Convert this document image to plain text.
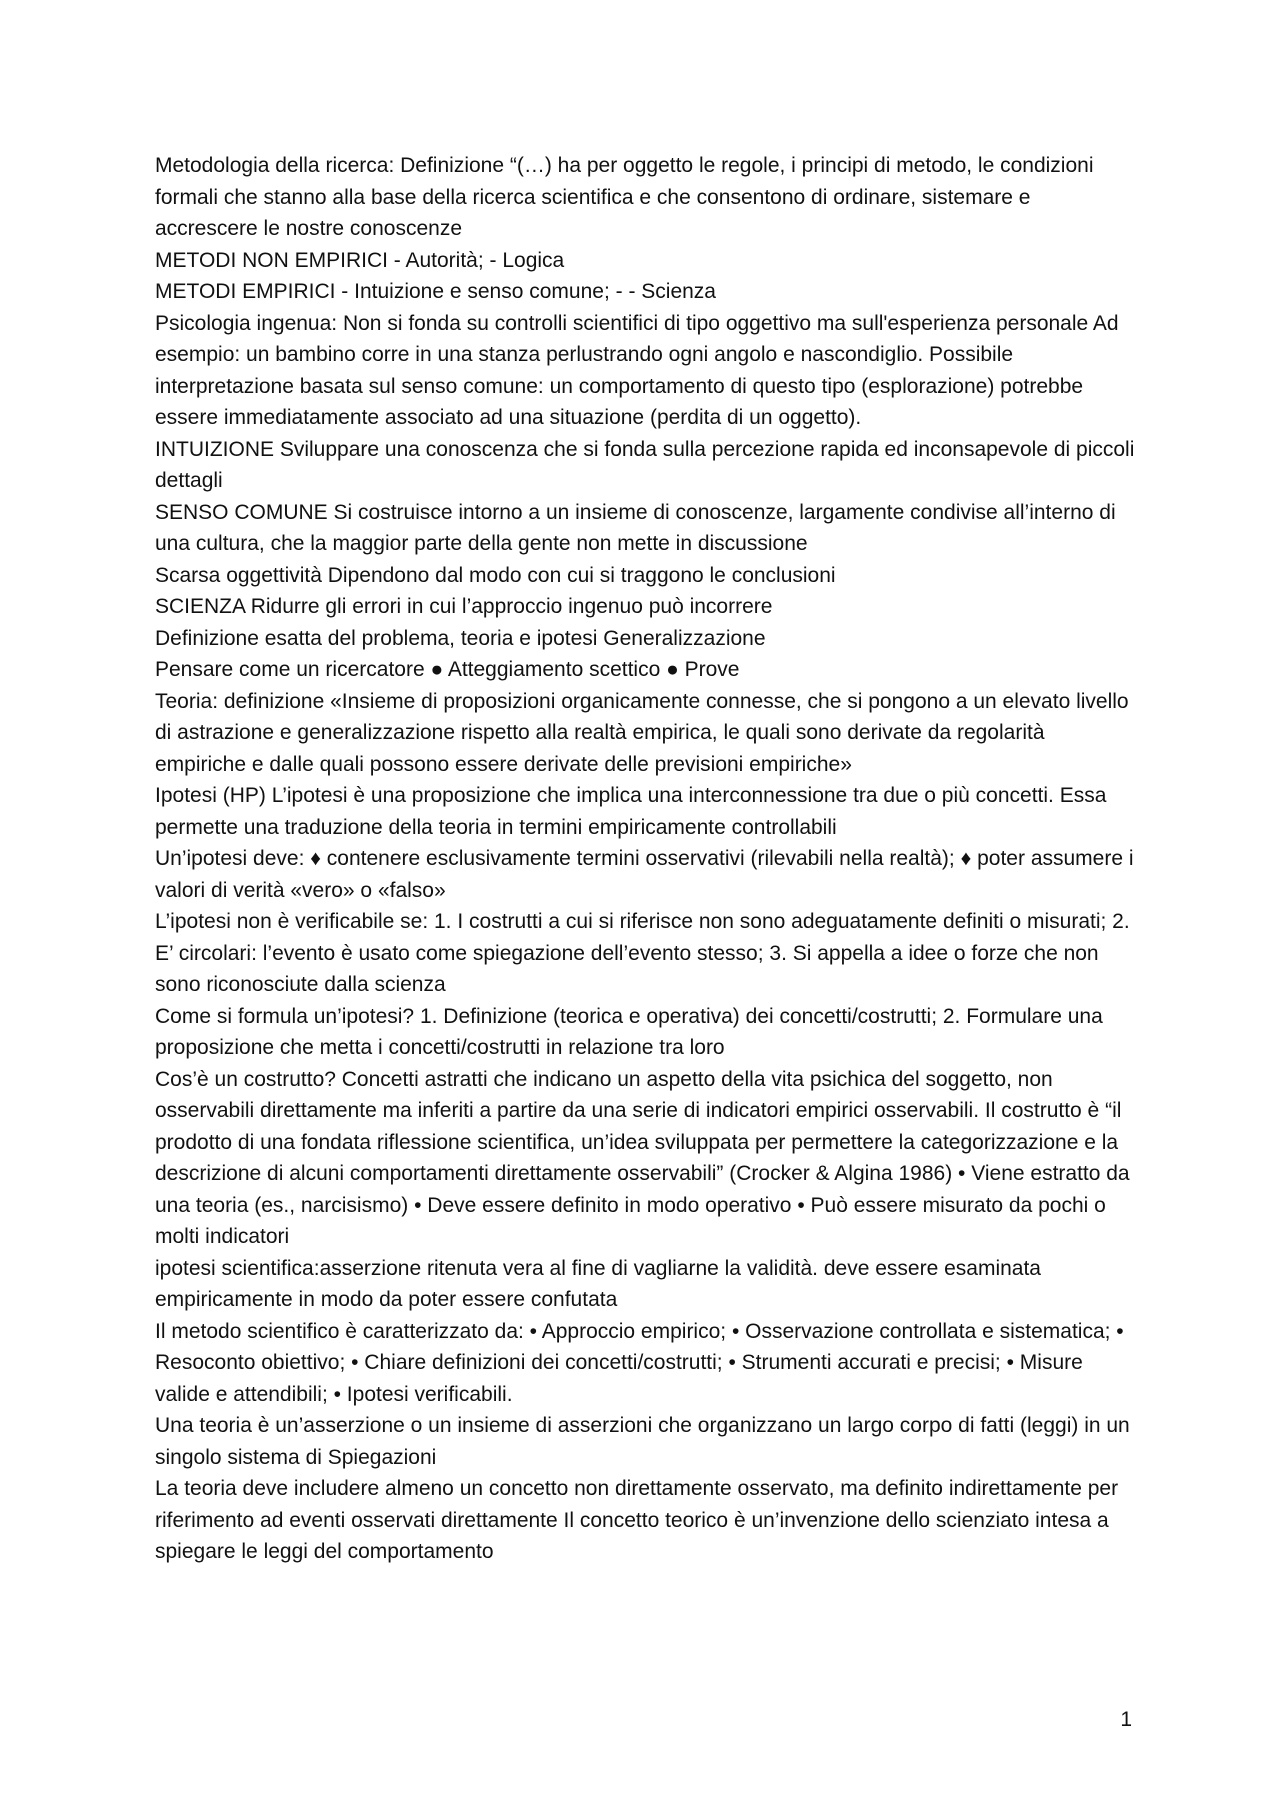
Metodologia della ricerca: Definizione “(…) ha per oggetto le regole, i principi di metodo, le condizioni formali che stanno alla base della ricerca scientifica e che consentono di ordinare, sistemare e accrescere le nostre conoscenze

METODI NON EMPIRICI - Autorità; - Logica

METODI EMPIRICI - Intuizione e senso comune; - - Scienza

Psicologia ingenua: Non si fonda su controlli scientifici di tipo oggettivo ma sull'esperienza personale Ad esempio: un bambino corre in una stanza perlustrando ogni angolo e nascondiglio. Possibile interpretazione basata sul senso comune: un comportamento di questo tipo (esplorazione) potrebbe essere immediatamente associato ad una situazione (perdita di un oggetto).

INTUIZIONE Sviluppare una conoscenza che si fonda sulla percezione rapida ed inconsapevole di piccoli dettagli

SENSO COMUNE Si costruisce intorno a un insieme di conoscenze, largamente condivise all’interno di una cultura, che la maggior parte della gente non mette in discussione

Scarsa oggettività Dipendono dal modo con cui si traggono le conclusioni

SCIENZA Ridurre gli errori in cui l’approccio ingenuo può incorrere

Definizione esatta del problema, teoria e ipotesi Generalizzazione

Pensare come un ricercatore ● Atteggiamento scettico ● Prove

Teoria: definizione «Insieme di proposizioni organicamente connesse, che si pongono a un elevato livello di astrazione e generalizzazione rispetto alla realtà empirica, le quali sono derivate da regolarità empiriche e dalle quali possono essere derivate delle previsioni empiriche»

Ipotesi (HP) L’ipotesi è una proposizione che implica una interconnessione tra due o più concetti. Essa permette una traduzione della teoria in termini empiricamente controllabili

Un’ipotesi deve: ♦ contenere esclusivamente termini osservativi (rilevabili nella realtà); ♦ poter assumere i valori di verità «vero» o «falso»

L’ipotesi non è verificabile se: 1. I costrutti a cui si riferisce non sono adeguatamente definiti o misurati; 2. E’ circolari: l’evento è usato come spiegazione dell’evento stesso; 3. Si appella a idee o forze che non sono riconosciute dalla scienza

Come si formula un’ipotesi? 1. Definizione (teorica e operativa) dei concetti/costrutti; 2. Formulare una proposizione che metta i concetti/costrutti in relazione tra loro

Cos’è un costrutto? Concetti astratti che indicano un aspetto della vita psichica del soggetto, non osservabili direttamente ma inferiti a partire da una serie di indicatori empirici osservabili. Il costrutto è “il prodotto di una fondata riflessione scientifica, un’idea sviluppata per permettere la categorizzazione e la descrizione di alcuni comportamenti direttamente osservabili” (Crocker & Algina 1986) • Viene estratto da una teoria (es., narcisismo) • Deve essere definito in modo operativo • Può essere misurato da pochi o molti indicatori

ipotesi scientifica:asserzione ritenuta vera al fine di vagliarne la validità. deve essere esaminata empiricamente in modo da poter essere confutata

Il metodo scientifico è caratterizzato da: • Approccio empirico; • Osservazione controllata e sistematica; • Resoconto obiettivo; • Chiare definizioni dei concetti/costrutti; • Strumenti accurati e precisi; • Misure valide e attendibili; • Ipotesi verificabili.

Una teoria è un’asserzione o un insieme di asserzioni che organizzano un largo corpo di fatti (leggi) in un singolo sistema di Spiegazioni

La teoria deve includere almeno un concetto non direttamente osservato, ma definito indirettamente per riferimento ad eventi osservati direttamente Il concetto teorico è un’invenzione dello scienziato intesa a spiegare le leggi del comportamento

1
